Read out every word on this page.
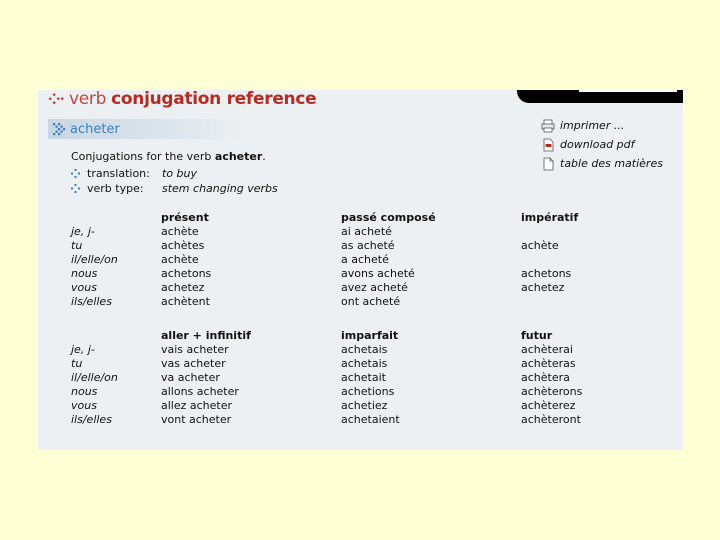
verb conjugation reference
acheter	imprimer ...
download pdf
table des matières
Conjugations for the verb acheter.
translation:	to buy
verb type:	stem changing verbs
présent	passé composé	impératif
je, j-	achète	ai acheté
tu	achètes	as acheté	achète
il/elle/on	achète	a acheté
nous	achetons	avons acheté	achetons
vous	achetez	avez acheté	achetez
ils/elles	achètent	ont acheté
aller + infinitif	imparfait	futur
je, j-	vais acheter	achetais	achèterai
tu	vas acheter	achetais	achèteras
il/elle/on	va acheter	achetait	achètera
nous	allons acheter	achetions	achèterons
vous	allez acheter	achetiez	achèterez
ils/elles	vont acheter	achetaient	achèteront
